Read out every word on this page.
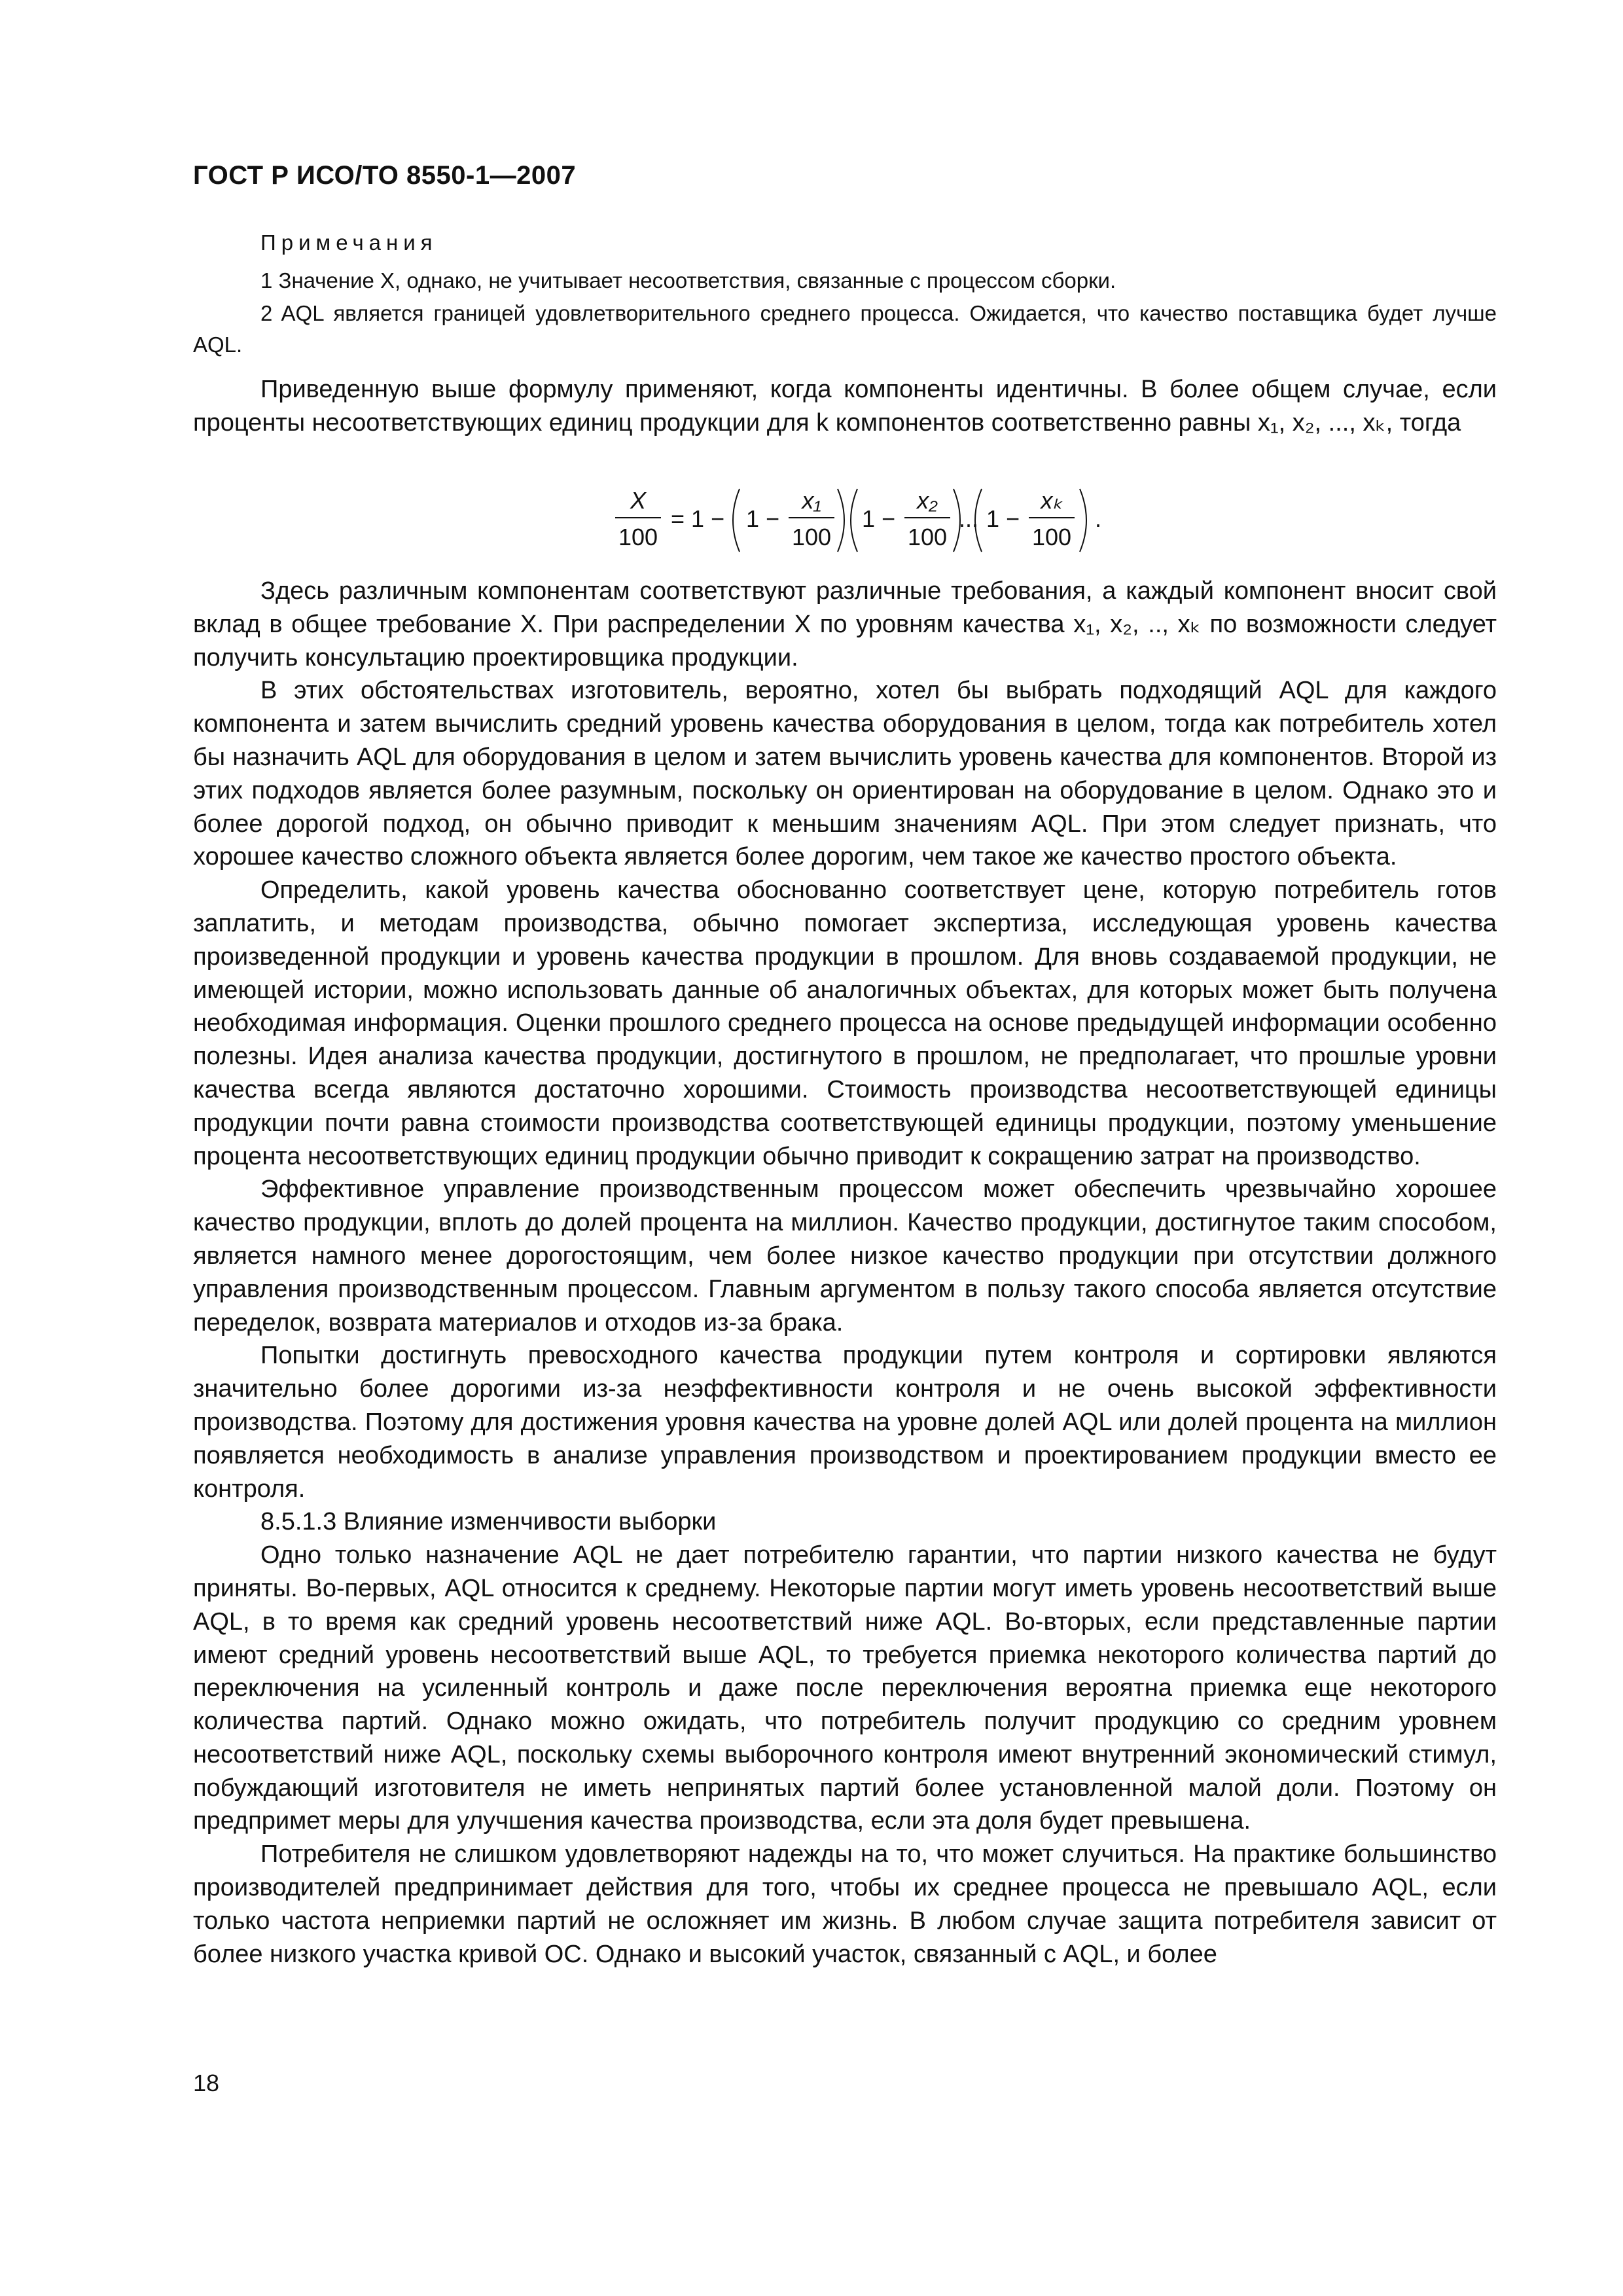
ГОСТ Р ИСО/ТО 8550-1—2007
Примечания
1 Значение X, однако, не учитывает несоответствия, связанные с процессом сборки.
2 AQL является границей удовлетворительного среднего процесса. Ожидается, что качество поставщика будет лучше AQL.

Приведенную выше формулу применяют, когда компоненты идентичны. В более общем случае, если проценты несоответствующих единиц продукции для k компонентов соответственно равны x₁, x₂, ..., xₖ, тогда

X
100
= 1 − 1 −
x₁
100
1 −
x₂
100
... 1 −
xₖ
100
.

Здесь различным компонентам соответствуют различные требования, а каждый компонент вносит свой вклад в общее требование X. При распределении X по уровням качества x₁, x₂, .., xₖ по возможности следует получить консультацию проектировщика продукции.

В этих обстоятельствах изготовитель, вероятно, хотел бы выбрать подходящий AQL для каждого компонента и затем вычислить средний уровень качества оборудования в целом, тогда как потребитель хотел бы назначить AQL для оборудования в целом и затем вычислить уровень качества для компонентов. Второй из этих подходов является более разумным, поскольку он ориентирован на оборудование в целом. Однако это и более дорогой подход, он обычно приводит к меньшим значениям AQL. При этом следует признать, что хорошее качество сложного объекта является более дорогим, чем такое же качество простого объекта.

Определить, какой уровень качества обоснованно соответствует цене, которую потребитель готов заплатить, и методам производства, обычно помогает экспертиза, исследующая уровень качества произведенной продукции и уровень качества продукции в прошлом. Для вновь создаваемой продукции, не имеющей истории, можно использовать данные об аналогичных объектах, для которых может быть получена необходимая информация. Оценки прошлого среднего процесса на основе предыдущей информации особенно полезны. Идея анализа качества продукции, достигнутого в прошлом, не предполагает, что прошлые уровни качества всегда являются достаточно хорошими. Стоимость производства несоответствующей единицы продукции почти равна стоимости производства соответствующей единицы продукции, поэтому уменьшение процента несоответствующих единиц продукции обычно приводит к сокращению затрат на производство.

Эффективное управление производственным процессом может обеспечить чрезвычайно хорошее качество продукции, вплоть до долей процента на миллион. Качество продукции, достигнутое таким способом, является намного менее дорогостоящим, чем более низкое качество продукции при отсутствии должного управления производственным процессом. Главным аргументом в пользу такого способа является отсутствие переделок, возврата материалов и отходов из-за брака.

Попытки достигнуть превосходного качества продукции путем контроля и сортировки являются значительно более дорогими из-за неэффективности контроля и не очень высокой эффективности производства. Поэтому для достижения уровня качества на уровне долей AQL или долей процента на миллион появляется необходимость в анализе управления производством и проектированием продукции вместо ее контроля.

8.5.1.3 Влияние изменчивости выборки

Одно только назначение AQL не дает потребителю гарантии, что партии низкого качества не будут приняты. Во-первых, AQL относится к среднему. Некоторые партии могут иметь уровень несоответствий выше AQL, в то время как средний уровень несоответствий ниже AQL. Во-вторых, если представленные партии имеют средний уровень несоответствий выше AQL, то требуется приемка некоторого количества партий до переключения на усиленный контроль и даже после переключения вероятна приемка еще некоторого количества партий. Однако можно ожидать, что потребитель получит продукцию со средним уровнем несоответствий ниже AQL, поскольку схемы выборочного контроля имеют внутренний экономический стимул, побуждающий изготовителя не иметь непринятых партий более установленной малой доли. Поэтому он предпримет меры для улучшения качества производства, если эта доля будет превышена.

Потребителя не слишком удовлетворяют надежды на то, что может случиться. На практике большинство производителей предпринимает действия для того, чтобы их среднее процесса не превышало AQL, если только частота неприемки партий не осложняет им жизнь. В любом случае защита потребителя зависит от более низкого участка кривой ОС. Однако и высокий участок, связанный с AQL, и более

18
